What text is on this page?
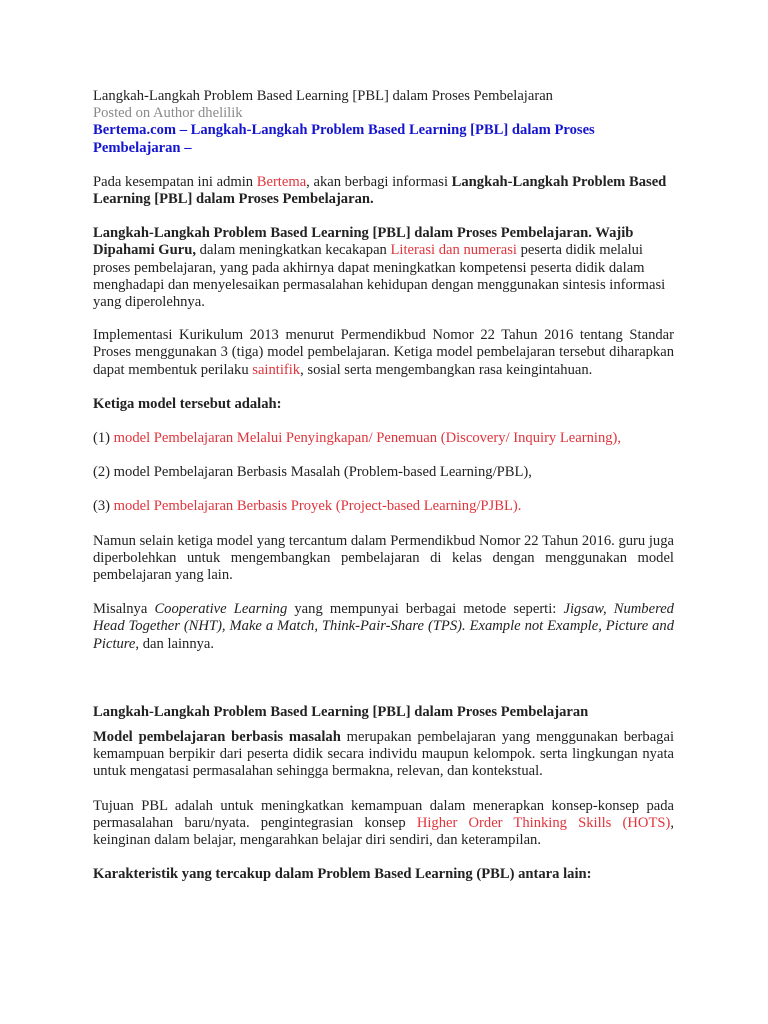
Langkah-Langkah Problem Based Learning [PBL] dalam Proses Pembelajaran

Posted on Author dhelilik

Bertema.com – Langkah-Langkah Problem Based Learning [PBL] dalam Proses Pembelajaran –

Pada kesempatan ini admin Bertema, akan berbagi informasi Langkah-Langkah Problem Based Learning [PBL] dalam Proses Pembelajaran.

Langkah-Langkah Problem Based Learning [PBL] dalam Proses Pembelajaran. Wajib Dipahami Guru, dalam meningkatkan kecakapan Literasi dan numerasi peserta didik melalui proses pembelajaran, yang pada akhirnya dapat meningkatkan kompetensi peserta didik dalam menghadapi dan menyelesaikan permasalahan kehidupan dengan menggunakan sintesis informasi yang diperolehnya.

Implementasi Kurikulum 2013 menurut Permendikbud Nomor 22 Tahun 2016 tentang Standar Proses menggunakan 3 (tiga) model pembelajaran. Ketiga model pembelajaran tersebut diharapkan dapat membentuk perilaku saintifik, sosial serta mengembangkan rasa keingintahuan.

Ketiga model tersebut adalah:

(1) model Pembelajaran Melalui Penyingkapan/ Penemuan (Discovery/ Inquiry Learning),

(2) model Pembelajaran Berbasis Masalah (Problem-based Learning/PBL),

(3) model Pembelajaran Berbasis Proyek (Project-based Learning/PJBL).

Namun selain ketiga model yang tercantum dalam Permendikbud Nomor 22 Tahun 2016. guru juga diperbolehkan untuk mengembangkan pembelajaran di kelas dengan menggunakan model pembelajaran yang lain.

Misalnya Cooperative Learning yang mempunyai berbagai metode seperti: Jigsaw, Numbered Head Together (NHT), Make a Match, Think-Pair-Share (TPS). Example not Example, Picture and Picture, dan lainnya.

Langkah-Langkah Problem Based Learning [PBL] dalam Proses Pembelajaran

Model pembelajaran berbasis masalah merupakan pembelajaran yang menggunakan berbagai kemampuan berpikir dari peserta didik secara individu maupun kelompok. serta lingkungan nyata untuk mengatasi permasalahan sehingga bermakna, relevan, dan kontekstual.

Tujuan PBL adalah untuk meningkatkan kemampuan dalam menerapkan konsep-konsep pada permasalahan baru/nyata. pengintegrasian konsep Higher Order Thinking Skills (HOTS), keinginan dalam belajar, mengarahkan belajar diri sendiri, dan keterampilan.

Karakteristik yang tercakup dalam Problem Based Learning (PBL) antara lain:
